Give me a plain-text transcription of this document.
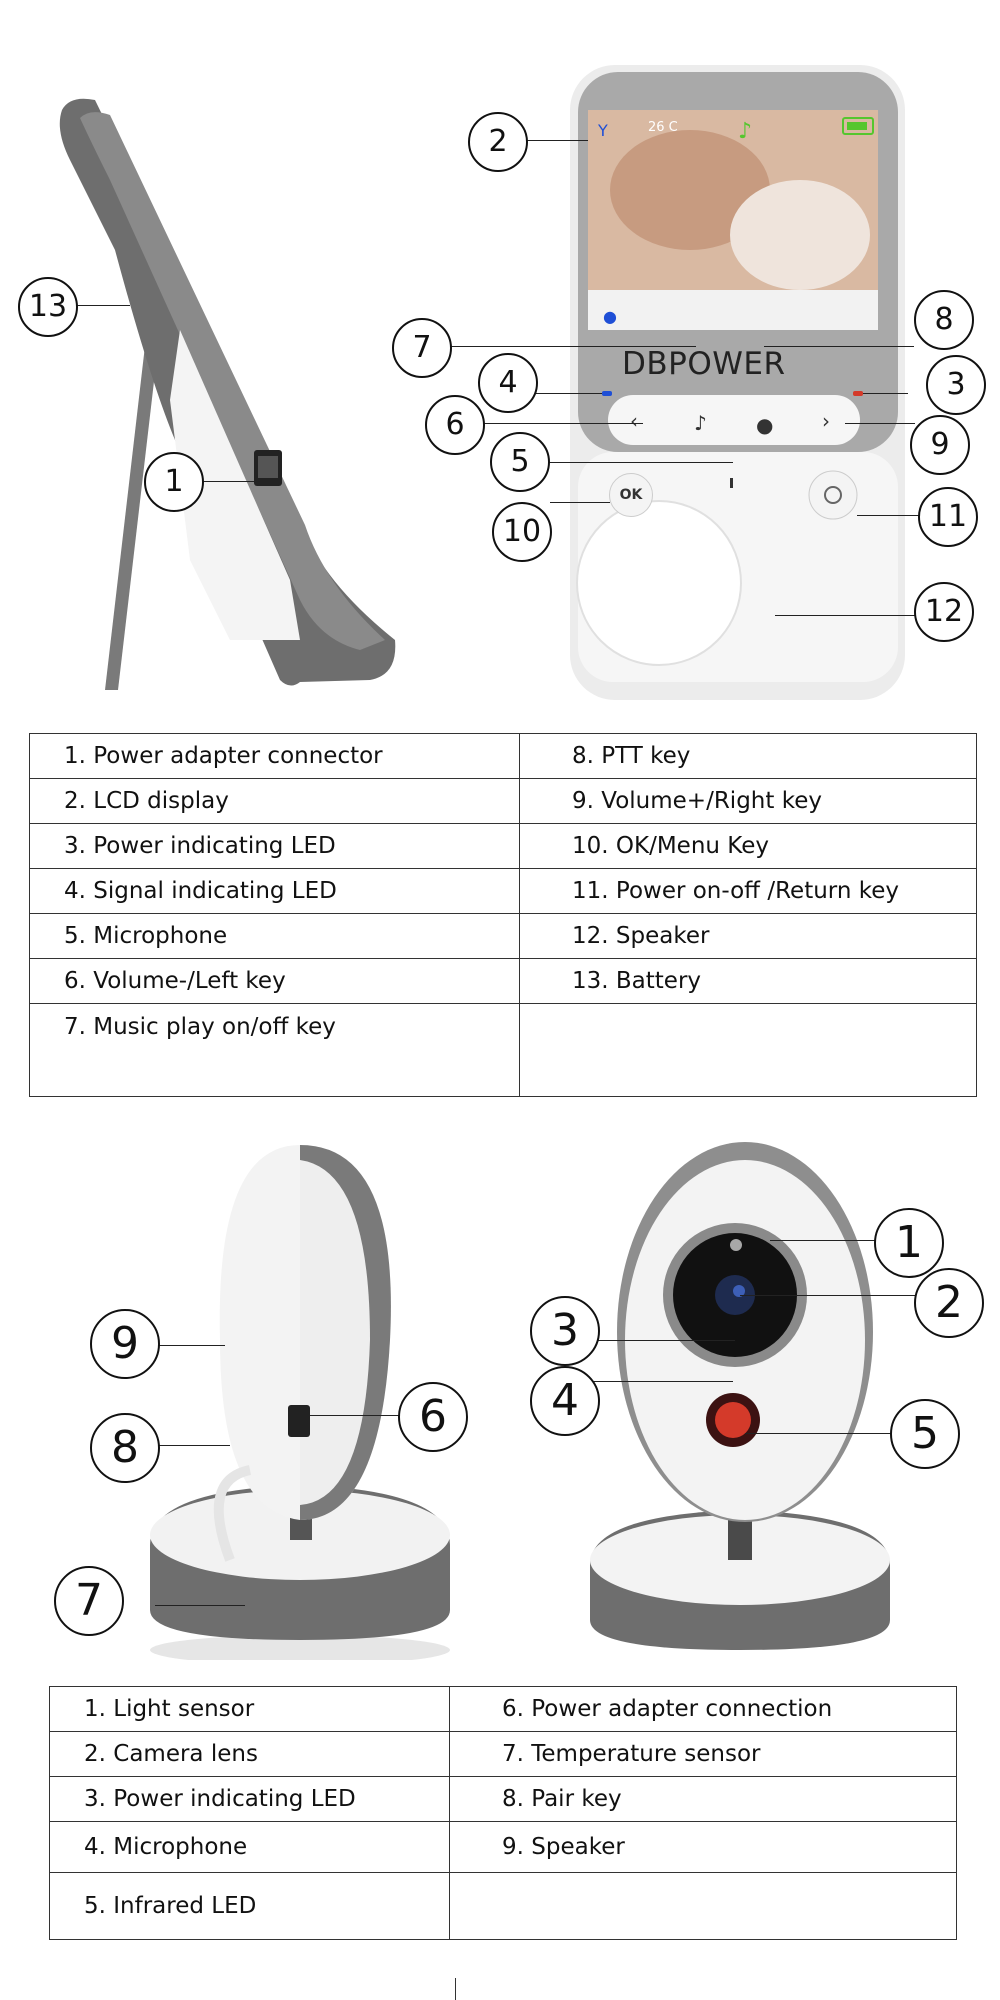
Y	♪
●
‹	♪ ● ›
DBPOWER
26 C
OK
1
2
3
4
5
6
7
8
9
10	11
12
13
1. Power adapter connector	8. PTT key
2. LCD display	9. Volume+/Right key
3. Power indicating LED	10. OK/Menu Key
4. Signal indicating LED	11. Power on-off /Return key
5. Microphone	12. Speaker
6. Volume-/Left key	13. Battery
7. Music play on/off key	
1
2
3
4
5
6
7
8
9
1. Light sensor	6. Power adapter connection
2. Camera lens	7. Temperature sensor
3. Power indicating LED	8. Pair key
4. Microphone	9. Speaker
5. Infrared LED	
